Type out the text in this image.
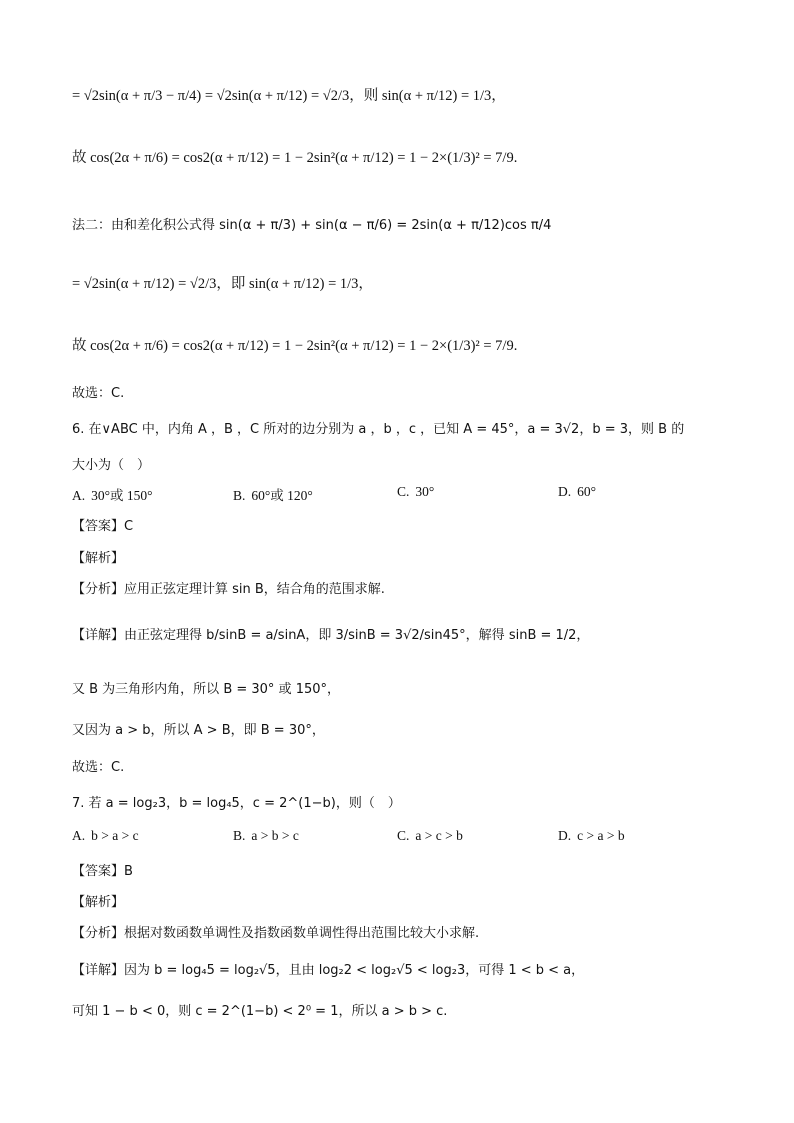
= √2sin(α + π/3 − π/4) = √2sin(α + π/12) = √2/3，则 sin(α + π/12) = 1/3，
故 cos(2α + π/6) = cos2(α + π/12) = 1 − 2sin²(α + π/12) = 1 − 2×(1/3)² = 7/9.
法二：由和差化积公式得 sin(α + π/3) + sin(α − π/6) = 2sin(α + π/12)cos π/4
= √2sin(α + π/12) = √2/3，即 sin(α + π/12) = 1/3，
故 cos(2α + π/6) = cos2(α + π/12) = 1 − 2sin²(α + π/12) = 1 − 2×(1/3)² = 7/9.
故选：C.
6. 在∨ABC 中，内角 A ，B ，C 所对的边分别为 a ，b ，c ，已知 A = 45°，a = 3√2，b = 3，则 B 的
大小为（　）
A. 30°或 150°	B. 60°或 120°	C. 30°	D. 60°
【答案】C
【解析】
【分析】应用正弦定理计算 sin B，结合角的范围求解.
【详解】由正弦定理得 b/sinB = a/sinA，即 3/sinB = 3√2/sin45°，解得 sinB = 1/2，
又 B 为三角形内角，所以 B = 30° 或 150°，
又因为 a > b，所以 A > B，即 B = 30°，
故选：C.
7. 若 a = log₂3，b = log₄5，c = 2^(1−b)，则（　）
A. b > a > c	B. a > b > c	C. a > c > b	D. c > a > b
【答案】B
【解析】
【分析】根据对数函数单调性及指数函数单调性得出范围比较大小求解.
【详解】因为 b = log₄5 = log₂√5，且由 log₂2 < log₂√5 < log₂3，可得 1 < b < a，
可知 1 − b < 0，则 c = 2^(1−b) < 2⁰ = 1，所以 a > b > c.
